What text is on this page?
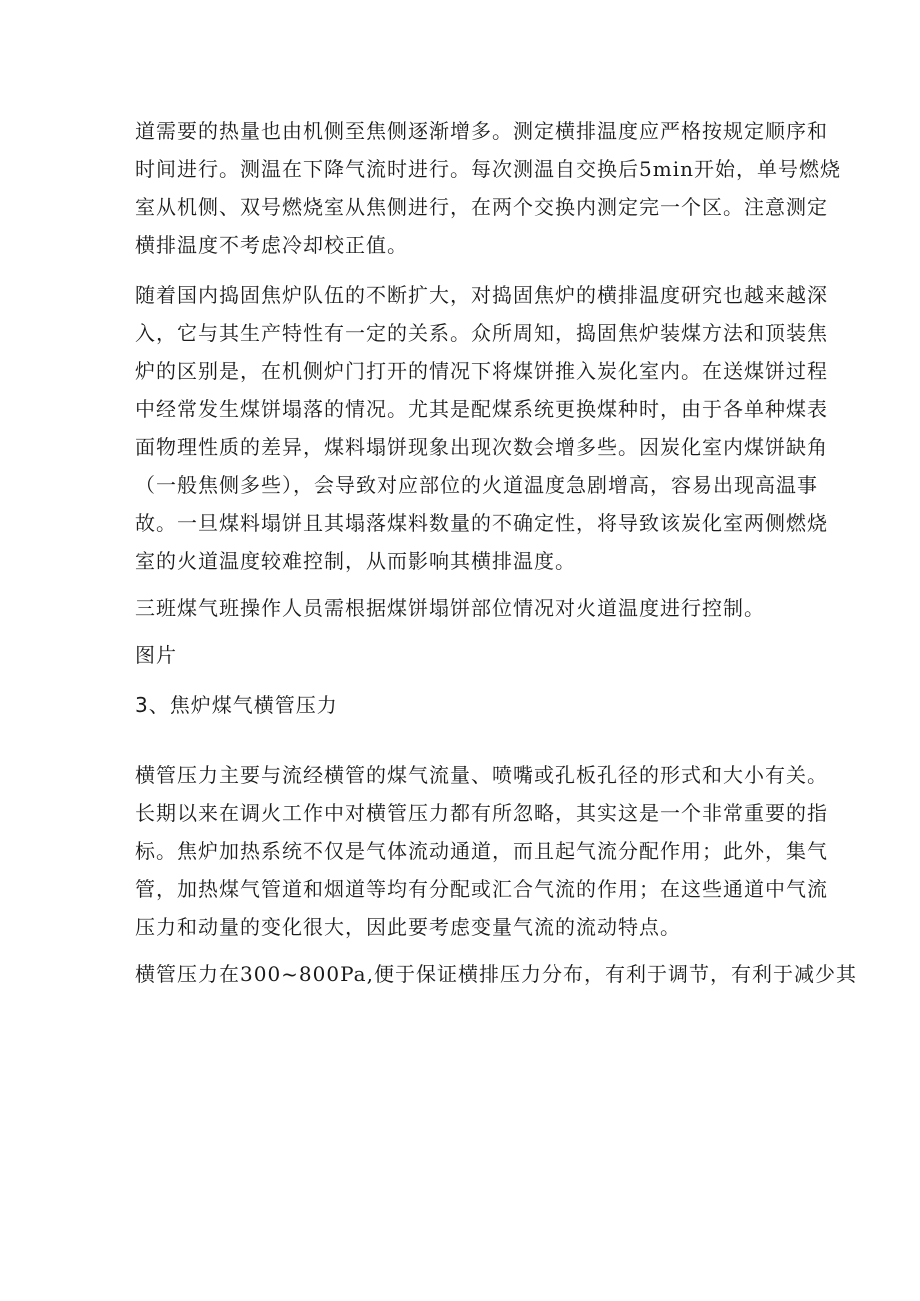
道需要的热量也由机侧至焦侧逐渐增多。测定横排温度应严格按规定顺序和
时间进行。测温在下降气流时进行。每次测温自交换后5min开始，单号燃烧
室从机侧、双号燃烧室从焦侧进行，在两个交换内测定完一个区。注意测定
横排温度不考虑冷却校正值。

随着国内捣固焦炉队伍的不断扩大，对捣固焦炉的横排温度研究也越来越深
入，它与其生产特性有一定的关系。众所周知，捣固焦炉装煤方法和顶装焦
炉的区别是，在机侧炉门打开的情况下将煤饼推入炭化室内。在送煤饼过程
中经常发生煤饼塌落的情况。尤其是配煤系统更换煤种时，由于各单种煤表
面物理性质的差异，煤料塌饼现象出现次数会增多些。因炭化室内煤饼缺角
（一般焦侧多些），会导致对应部位的火道温度急剧增高，容易出现高温事
故。一旦煤料塌饼且其塌落煤料数量的不确定性，将导致该炭化室两侧燃烧
室的火道温度较难控制，从而影响其横排温度。

三班煤气班操作人员需根据煤饼塌饼部位情况对火道温度进行控制。

图片

3、焦炉煤气横管压力

横管压力主要与流经横管的煤气流量、喷嘴或孔板孔径的形式和大小有关。
长期以来在调火工作中对横管压力都有所忽略，其实这是一个非常重要的指
标。焦炉加热系统不仅是气体流动通道，而且起气流分配作用；此外，集气
管，加热煤气管道和烟道等均有分配或汇合气流的作用；在这些通道中气流
压力和动量的变化很大，因此要考虑变量气流的流动特点。

横管压力在300~800Pa,便于保证横排压力分布，有利于调节，有利于减少其
